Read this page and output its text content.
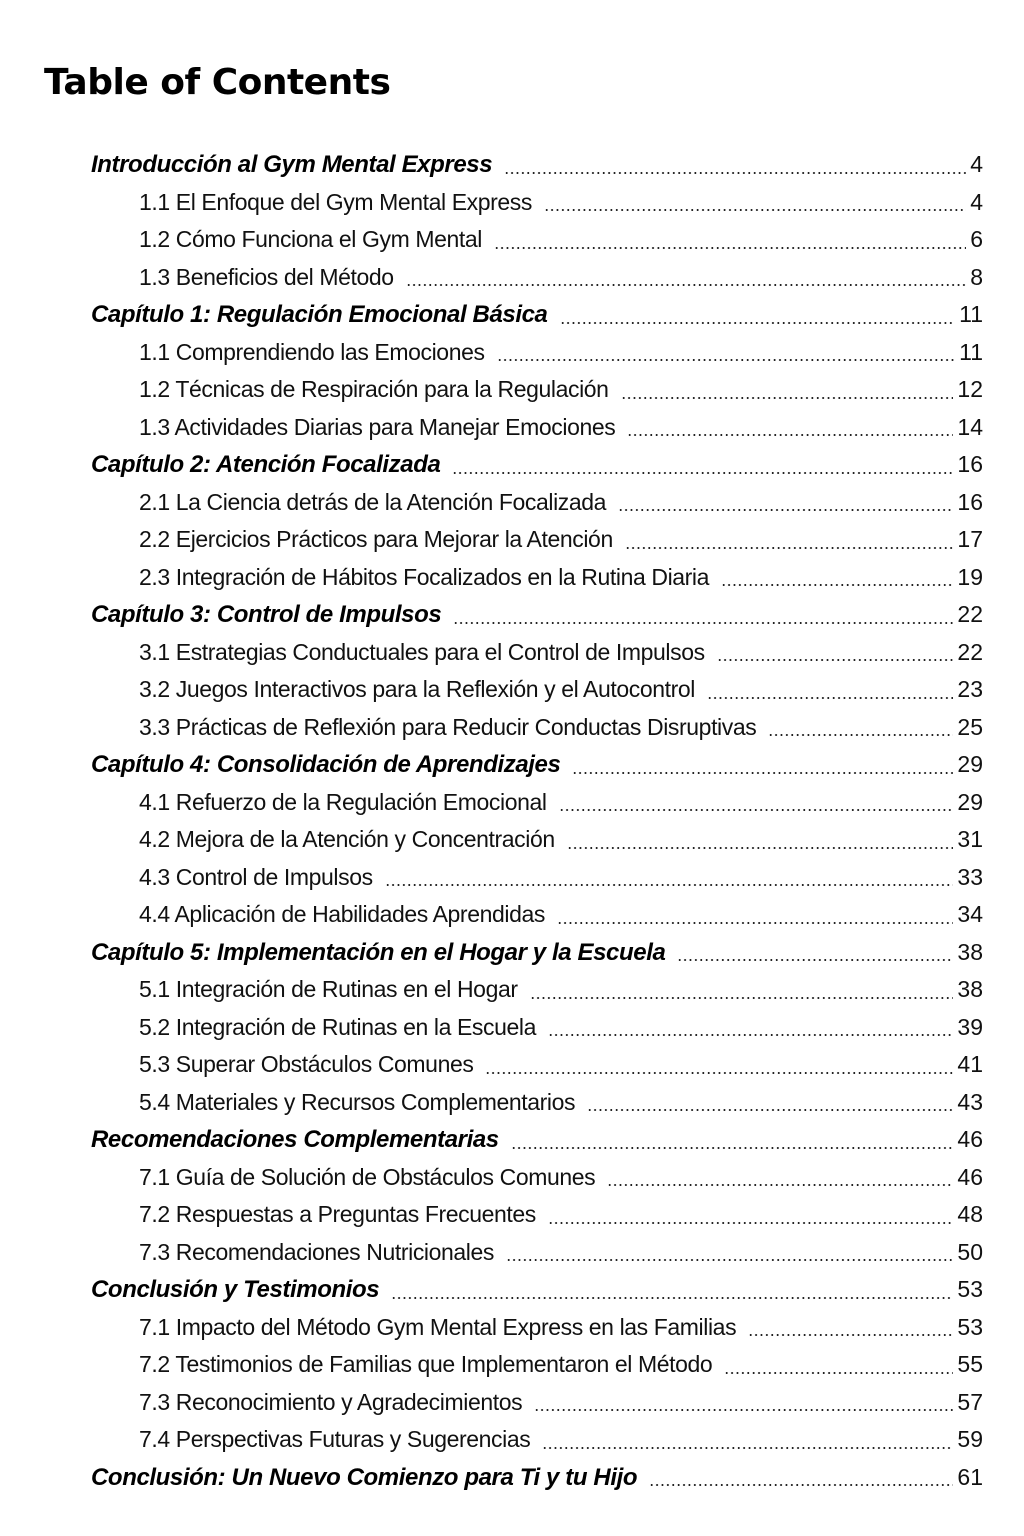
Table of Contents
Introducción al Gym Mental Express	4
1.1 El Enfoque del Gym Mental Express	4
1.2 Cómo Funciona el Gym Mental	6
1.3 Beneficios del Método	8
Capítulo 1: Regulación Emocional Básica	11
1.1 Comprendiendo las Emociones	11
1.2 Técnicas de Respiración para la Regulación	12
1.3 Actividades Diarias para Manejar Emociones	14
Capítulo 2: Atención Focalizada	16
2.1 La Ciencia detrás de la Atención Focalizada	16
2.2 Ejercicios Prácticos para Mejorar la Atención	17
2.3 Integración de Hábitos Focalizados en la Rutina Diaria	19
Capítulo 3: Control de Impulsos	22
3.1 Estrategias Conductuales para el Control de Impulsos	22
3.2 Juegos Interactivos para la Reflexión y el Autocontrol	23
3.3 Prácticas de Reflexión para Reducir Conductas Disruptivas	25
Capítulo 4: Consolidación de Aprendizajes	29
4.1 Refuerzo de la Regulación Emocional	29
4.2 Mejora de la Atención y Concentración	31
4.3 Control de Impulsos	33
4.4 Aplicación de Habilidades Aprendidas	34
Capítulo 5: Implementación en el Hogar y la Escuela	38
5.1 Integración de Rutinas en el Hogar	38
5.2 Integración de Rutinas en la Escuela	39
5.3 Superar Obstáculos Comunes	41
5.4 Materiales y Recursos Complementarios	43
Recomendaciones Complementarias	46
7.1 Guía de Solución de Obstáculos Comunes	46
7.2 Respuestas a Preguntas Frecuentes	48
7.3 Recomendaciones Nutricionales	50
Conclusión y Testimonios	53
7.1 Impacto del Método Gym Mental Express en las Familias	53
7.2 Testimonios de Familias que Implementaron el Método	55
7.3 Reconocimiento y Agradecimientos	57
7.4 Perspectivas Futuras y Sugerencias	59
Conclusión: Un Nuevo Comienzo para Ti y tu Hijo	61
